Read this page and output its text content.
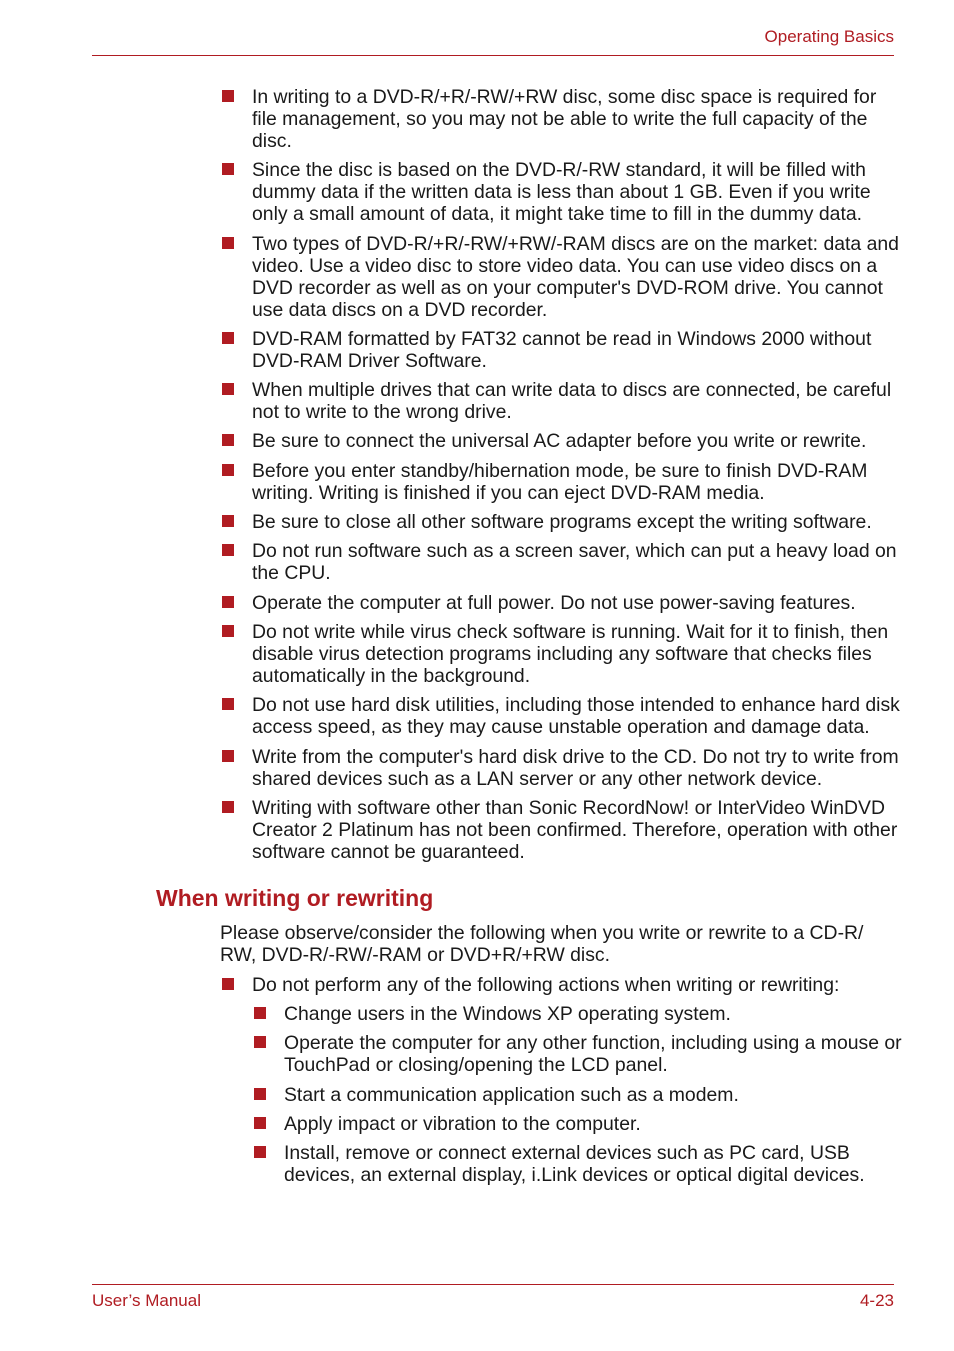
Operating Basics
In writing to a DVD-R/+R/-RW/+RW disc, some disc space is required for file management, so you may not be able to write the full capacity of the disc.
Since the disc is based on the DVD-R/-RW standard, it will be filled with dummy data if the written data is less than about 1 GB. Even if you write only a small amount of data, it might take time to fill in the dummy data.
Two types of DVD-R/+R/-RW/+RW/-RAM discs are on the market: data and video. Use a video disc to store video data. You can use video discs on a DVD recorder as well as on your computer's DVD-ROM drive. You cannot use data discs on a DVD recorder.
DVD-RAM formatted by FAT32 cannot be read in Windows 2000 without DVD-RAM Driver Software.
When multiple drives that can write data to discs are connected, be careful not to write to the wrong drive.
Be sure to connect the universal AC adapter before you write or rewrite.
Before you enter standby/hibernation mode, be sure to finish DVD-RAM writing. Writing is finished if you can eject DVD-RAM media.
Be sure to close all other software programs except the writing software.
Do not run software such as a screen saver, which can put a heavy load on the CPU.
Operate the computer at full power. Do not use power-saving features.
Do not write while virus check software is running. Wait for it to finish, then disable virus detection programs including any software that checks files automatically in the background.
Do not use hard disk utilities, including those intended to enhance hard disk access speed, as they may cause unstable operation and damage data.
Write from the computer's hard disk drive to the CD. Do not try to write from shared devices such as a LAN server or any other network device.
Writing with software other than Sonic RecordNow! or InterVideo WinDVD Creator 2 Platinum has not been confirmed. Therefore, operation with other software cannot be guaranteed.
When writing or rewriting
Please observe/consider the following when you write or rewrite to a CD-R/ RW, DVD-R/-RW/-RAM or DVD+R/+RW disc.
Do not perform any of the following actions when writing or rewriting:
Change users in the Windows XP operating system.
Operate the computer for any other function, including using a mouse or TouchPad or closing/opening the LCD panel.
Start a communication application such as a modem.
Apply impact or vibration to the computer.
Install, remove or connect external devices such as PC card, USB devices, an external display, i.Link devices or optical digital devices.
User’s Manual	4-23
